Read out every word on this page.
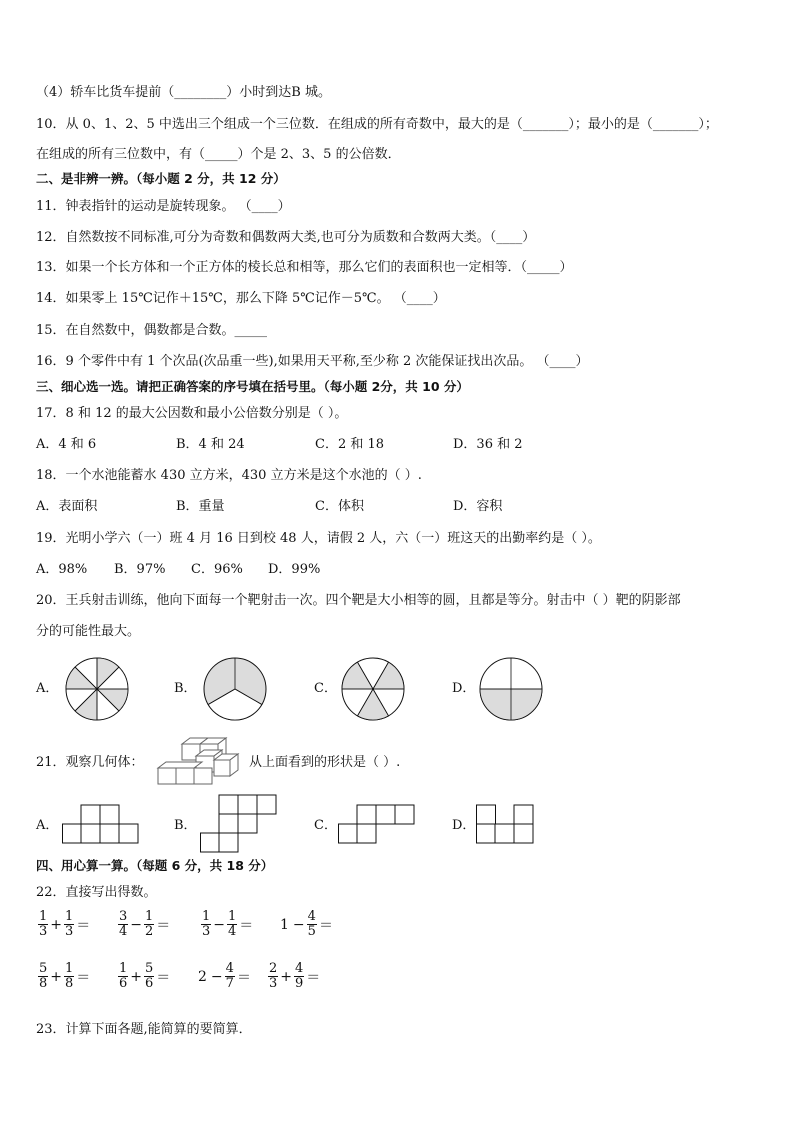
（4）轿车比货车提前（________）小时到达B 城。
10．从 0、1、2、5 中选出三个组成一个三位数．在组成的所有奇数中，最大的是（_______）；最小的是（_______）；
在组成的所有三位数中，有（_____）个是 2、3、5 的公倍数．
二、是非辨一辨。（每小题 2 分，共 12 分）
11．钟表指针的运动是旋转现象。 （____）
12．自然数按不同标准,可分为奇数和偶数两大类,也可分为质数和合数两大类。（____）
13．如果一个长方体和一个正方体的棱长总和相等，那么它们的表面积也一定相等．（_____）
14．如果零上 15℃记作＋15℃，那么下降 5℃记作－5℃。 （____）
15．在自然数中，偶数都是合数。_____
16．9 个零件中有 1 个次品(次品重一些),如果用天平称,至少称 2 次能保证找出次品。 （____）
三、细心选一选。请把正确答案的序号填在括号里。（每小题 2分，共 10 分）
17．8 和 12 的最大公因数和最小公倍数分别是（ ）。
A．4 和 6	B．4 和 24	C．2 和 18	D．36 和 2
18．一个水池能蓄水 430 立方米，430 立方米是这个水池的（ ）.
A．表面积	B．重量	C．体积	D．容积
19．光明小学六（一）班 4 月 16 日到校 48 人，请假 2 人，六（一）班这天的出勤率约是（ ）。
A．98% B．97% C．96% D．99%
20．王兵射击训练，他向下面每一个靶射击一次。四个靶是大小相等的圆，且都是等分。射击中（ ）靶的阴影部
分的可能性最大。
A．	B．	C．	D．
21．观察几何体：	从上面看到的形状是（ ）.
A．	B．	C．	D．
四、用心算一算。（每题 6 分，共 18 分）
22．直接写出得数。
$\frac{1}{3} + \frac{1}{3} = \frac{3}{4} - \frac{1}{2} = \frac{1}{3} - \frac{1}{4} = 1 - \frac{4}{5}$ ＝
$\frac{5}{8} + \frac{1}{8} = \frac{1}{6} + \frac{5}{6} = 2 - \frac{4}{7} = \frac{2}{3} + \frac{4}{9}$ ＝
23．计算下面各题,能简算的要简算．
